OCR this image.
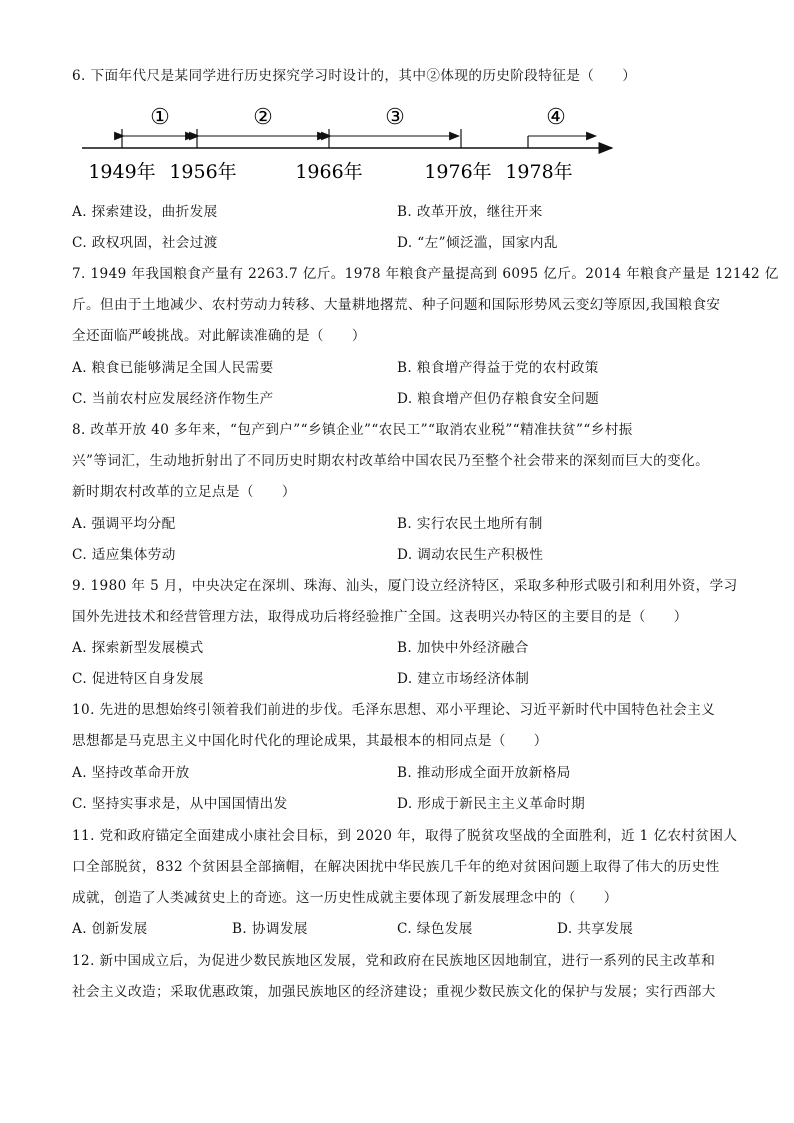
6. 下面年代尺是某同学进行历史探究学习时设计的，其中②体现的历史阶段特征是（　　）
①	②	③	④
1949年 1956年	1966年	1976年 1978年
A. 探索建设，曲折发展	B. 改革开放，继往开来
C. 政权巩固，社会过渡	D. “左”倾泛滥，国家内乱
7. 1949 年我国粮食产量有 2263.7 亿斤。1978 年粮食产量提高到 6095 亿斤。2014 年粮食产量是 12142 亿
斤。但由于土地减少、农村劳动力转移、大量耕地撂荒、种子问题和国际形势风云变幻等原因,我国粮食安
全还面临严峻挑战。对此解读准确的是（　　）
A. 粮食已能够满足全国人民需要	B. 粮食增产得益于党的农村政策
C. 当前农村应发展经济作物生产	D. 粮食增产但仍存粮食安全问题
8. 改革开放 40 多年来，“包产到户”“乡镇企业”“农民工”“取消农业税”“精准扶贫”“乡村振
兴”等词汇，生动地折射出了不同历史时期农村改革给中国农民乃至整个社会带来的深刻而巨大的变化。
新时期农村改革的立足点是（　　）
A. 强调平均分配	B. 实行农民土地所有制
C. 适应集体劳动	D. 调动农民生产积极性
9. 1980 年 5 月，中央决定在深圳、珠海、汕头，厦门设立经济特区，采取多种形式吸引和利用外资，学习
国外先进技术和经营管理方法，取得成功后将经验推广全国。这表明兴办特区的主要目的是（　　）
A. 探索新型发展模式	B. 加快中外经济融合
C. 促进特区自身发展	D. 建立市场经济体制
10. 先进的思想始终引领着我们前进的步伐。毛泽东思想、邓小平理论、习近平新时代中国特色社会主义
思想都是马克思主义中国化时代化的理论成果，其最根本的相同点是（　　）
A. 坚持改革命开放	B. 推动形成全面开放新格局
C. 坚持实事求是，从中国国情出发	D. 形成于新民主主义革命时期
11. 党和政府锚定全面建成小康社会目标，到 2020 年，取得了脱贫攻坚战的全面胜利，近 1 亿农村贫困人
口全部脱贫，832 个贫困县全部摘帽，在解决困扰中华民族几千年的绝对贫困问题上取得了伟大的历史性
成就，创造了人类减贫史上的奇迹。这一历史性成就主要体现了新发展理念中的（　　）
A. 创新发展	B. 协调发展	C. 绿色发展	D. 共享发展
12. 新中国成立后，为促进少数民族地区发展，党和政府在民族地区因地制宜，进行一系列的民主改革和
社会主义改造；采取优惠政策，加强民族地区的经济建设；重视少数民族文化的保护与发展；实行西部大
